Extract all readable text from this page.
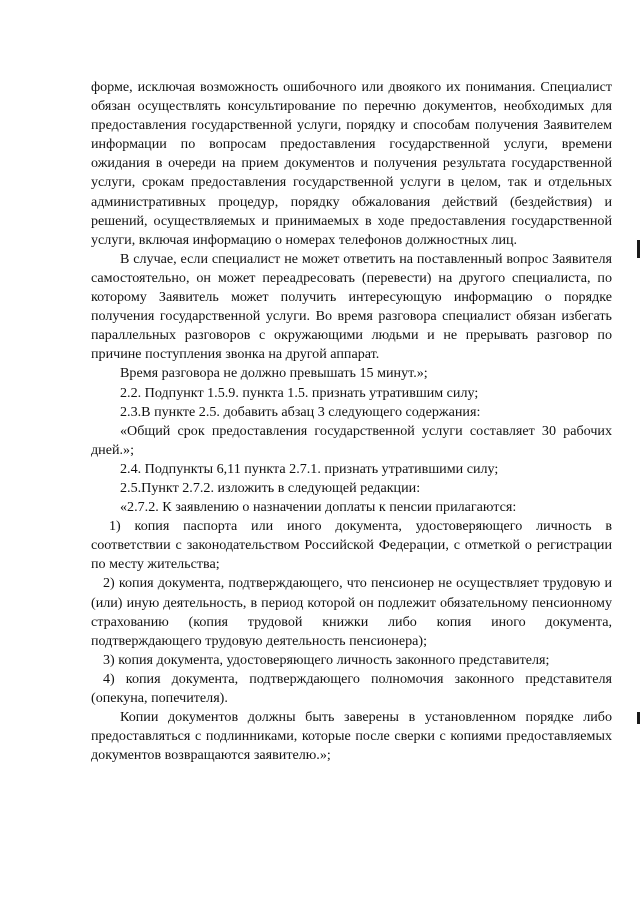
форме, исключая возможность ошибочного или двоякого их понимания. Специалист обязан осуществлять консультирование по перечню документов, необходимых для предоставления государственной услуги, порядку и способам получения Заявителем информации по вопросам предоставления государственной услуги, времени ожидания в очереди на прием документов и получения результата государственной услуги, срокам предоставления государственной услуги в целом, так и отдельных административных процедур, порядку обжалования действий (бездействия) и решений, осуществляемых и принимаемых в ходе предоставления государственной услуги, включая информацию о номерах телефонов должностных лиц.

В случае, если специалист не может ответить на поставленный вопрос Заявителя самостоятельно, он может переадресовать (перевести) на другого специалиста, по которому Заявитель может получить интересующую информацию о порядке получения государственной услуги. Во время разговора специалист обязан избегать параллельных разговоров с окружающими людьми и не прерывать разговор по причине поступления звонка на другой аппарат.

Время разговора не должно превышать 15 минут.»;

2.2. Подпункт 1.5.9. пункта 1.5. признать утратившим силу;

2.3.В пункте 2.5. добавить абзац 3 следующего содержания:

«Общий срок предоставления государственной услуги составляет 30 рабочих дней.»;

2.4. Подпункты 6,11 пункта 2.7.1. признать утратившими силу;

2.5.Пункт 2.7.2. изложить в следующей редакции:

«2.7.2. К заявлению о назначении доплаты к пенсии прилагаются:

1) копия паспорта или иного документа, удостоверяющего личность в соответствии с законодательством Российской Федерации, с отметкой о регистрации по месту жительства;

2) копия документа, подтверждающего, что пенсионер не осуществляет трудовую и (или) иную деятельность, в период которой он подлежит обязательному пенсионному страхованию (копия трудовой книжки либо копия иного документа, подтверждающего трудовую деятельность пенсионера);

3) копия документа, удостоверяющего личность законного представителя;

4) копия документа, подтверждающего полномочия законного представителя (опекуна, попечителя).

Копии документов должны быть заверены в установленном порядке либо предоставляться с подлинниками, которые после сверки с копиями предоставляемых документов возвращаются заявителю.»;
